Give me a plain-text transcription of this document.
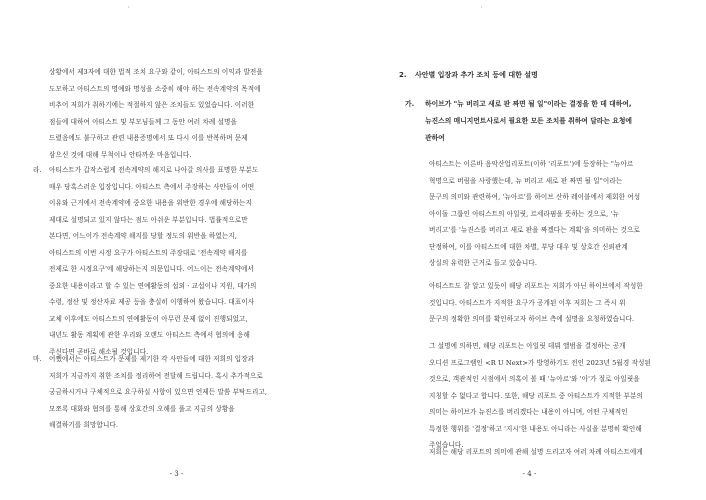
'
상황에서 제3자에 대한 법적 조치 요구와 같이, 아티스트의 이익과 발전을
도모하고 아티스트의 명예와 명성을 소중히 해야 하는 전속계약의 목적에
비추어 저희가 취하기에는 적절하지 않은 조치들도 있었습니다. 이러한
점들에 대하여 아티스트 및 부모님들께 그 동안 여러 차례 설명을
드렸음에도 불구하고 관련 내용증명에서 또 다시 이를 반복하며 문제
삼으신 것에 대해 무척이나 안타까운 마음입니다.
라. 아티스트가 갑작스럽게 전속계약의 해지로 나아갈 의사를 표명한 부분도
매우 당혹스러운 입장입니다. 아티스트 측에서 주장하는 사안들이 어떤
이유와 근거에서 전속계약에 중요한 내용을 위반한 경우에 해당하는지
제대로 설명되고 있지 않다는 점도 아쉬운 부분입니다. 법률적으로만
본다면, 어느이가 전속계약 해지를 당할 정도의 위반을 하였는지,
아티스트의 이번 시정 요구가 아티스트의 주장대로 '전속계약 해지를
전제로 한 시정요구'에 해당하는지 의문입니다. 어느이는 전속계약에서
중요한 내용이라고 할 수 있는 연예활동의 섭외 · 교섭이나 지원, 대가의
수령, 정산 및 정산자료 제공 등을 충실히 이행하여 왔습니다. 대표이사
교체 이후에도 아티스트의 연예활동이 아무런 문제 없이 진행되었고,
내년도 활동 계획에 관한 우리와 오랜도 아티스트 측에서 협의에 응해
주신다면 곧바로 해소될 것입니다.
마. 어쨌에서는 아티스트가 문제를 제기한 각 사안들에 대한 저희의 입장과
저희가 지금까지 취한 조치를 정리하여 전달해 드립니다. 혹시 추가적으로
궁금하시거나 구체적으로 요구하실 사항이 있으면 언제든 말씀 부탁드리고,
모쪼록 대화와 협의를 통해 상호간의 오해를 풀고 지금의 상황을
해결하기를 희망합니다.
- 3 -
'
2. 사안별 입장과 추가 조치 등에 대한 설명
가. 하이브가 "뉴 버리고 새로 판 짜면 될 일"이라는 결정을 한 데 대하여,
뉴진스의 매니지먼트사로서 필요한 모든 조치를 취하여 달라는 요청에
관하여
아티스트는 이른바 음악산업리포트(이하 '리포트')에 등장하는 "뉴아르
혁명으로 버림을 사랑했는데, 뉴 버리고 새로 판 짜면 될 일"이라는
문구의 의미와 관련하여, '뉴아르'를 하이브 산하 레이블에서 제회한 여성
아이돌 그룹인 아티스트의 아일릿, 르세라핌을 뜻하는 것으로, '뉴
버리고'를 '뉴진스를 버리고 새로 판을 짜겠다는 계획'을 의미하는 것으로
단정하여, 이를 아티스트에 대한 차별, 부당 대우 및 상호간 신뢰관계
상실의 유력한 근거로 들고 있습니다.
아티스트도 잘 알고 있듯이 해당 리포트는 저희가 아닌 하이브에서 작성한
것입니다. 아티스트가 지적한 요구가 공개된 이후 저희는 그 즉시 위
문구의 정확한 의미를 확인하고자 하이브 측에 설명을 요청하였습니다.
그 설명에 의하면, 해당 리포트는 아일릿 데뷔 앨범을 결정하는 공개
오디션 프로그램인 <R U Next>가 방영하기도 전인 2023년 5월경 작성된
것으로, 객관적인 시점에서 의혹이 볼 때 '뉴아르'와 '아'가 절로 아일릿을
지칭할 수 없다고 합니다. 또한, 해당 리포트 중 아티스트가 지적한 부분의
의미는 하이브가 뉴진스를 버리겠다는 내용이 아니며, 어떤 구체적인
특정한 행위를 '결정'하고 '지시'한 내용도 아니라는 사실을 분명히 확인해
주었습니다.
저희는 해당 리포트의 의미에 관해 설명 드리고자 여러 차례 아티스트에게
- 4 -
